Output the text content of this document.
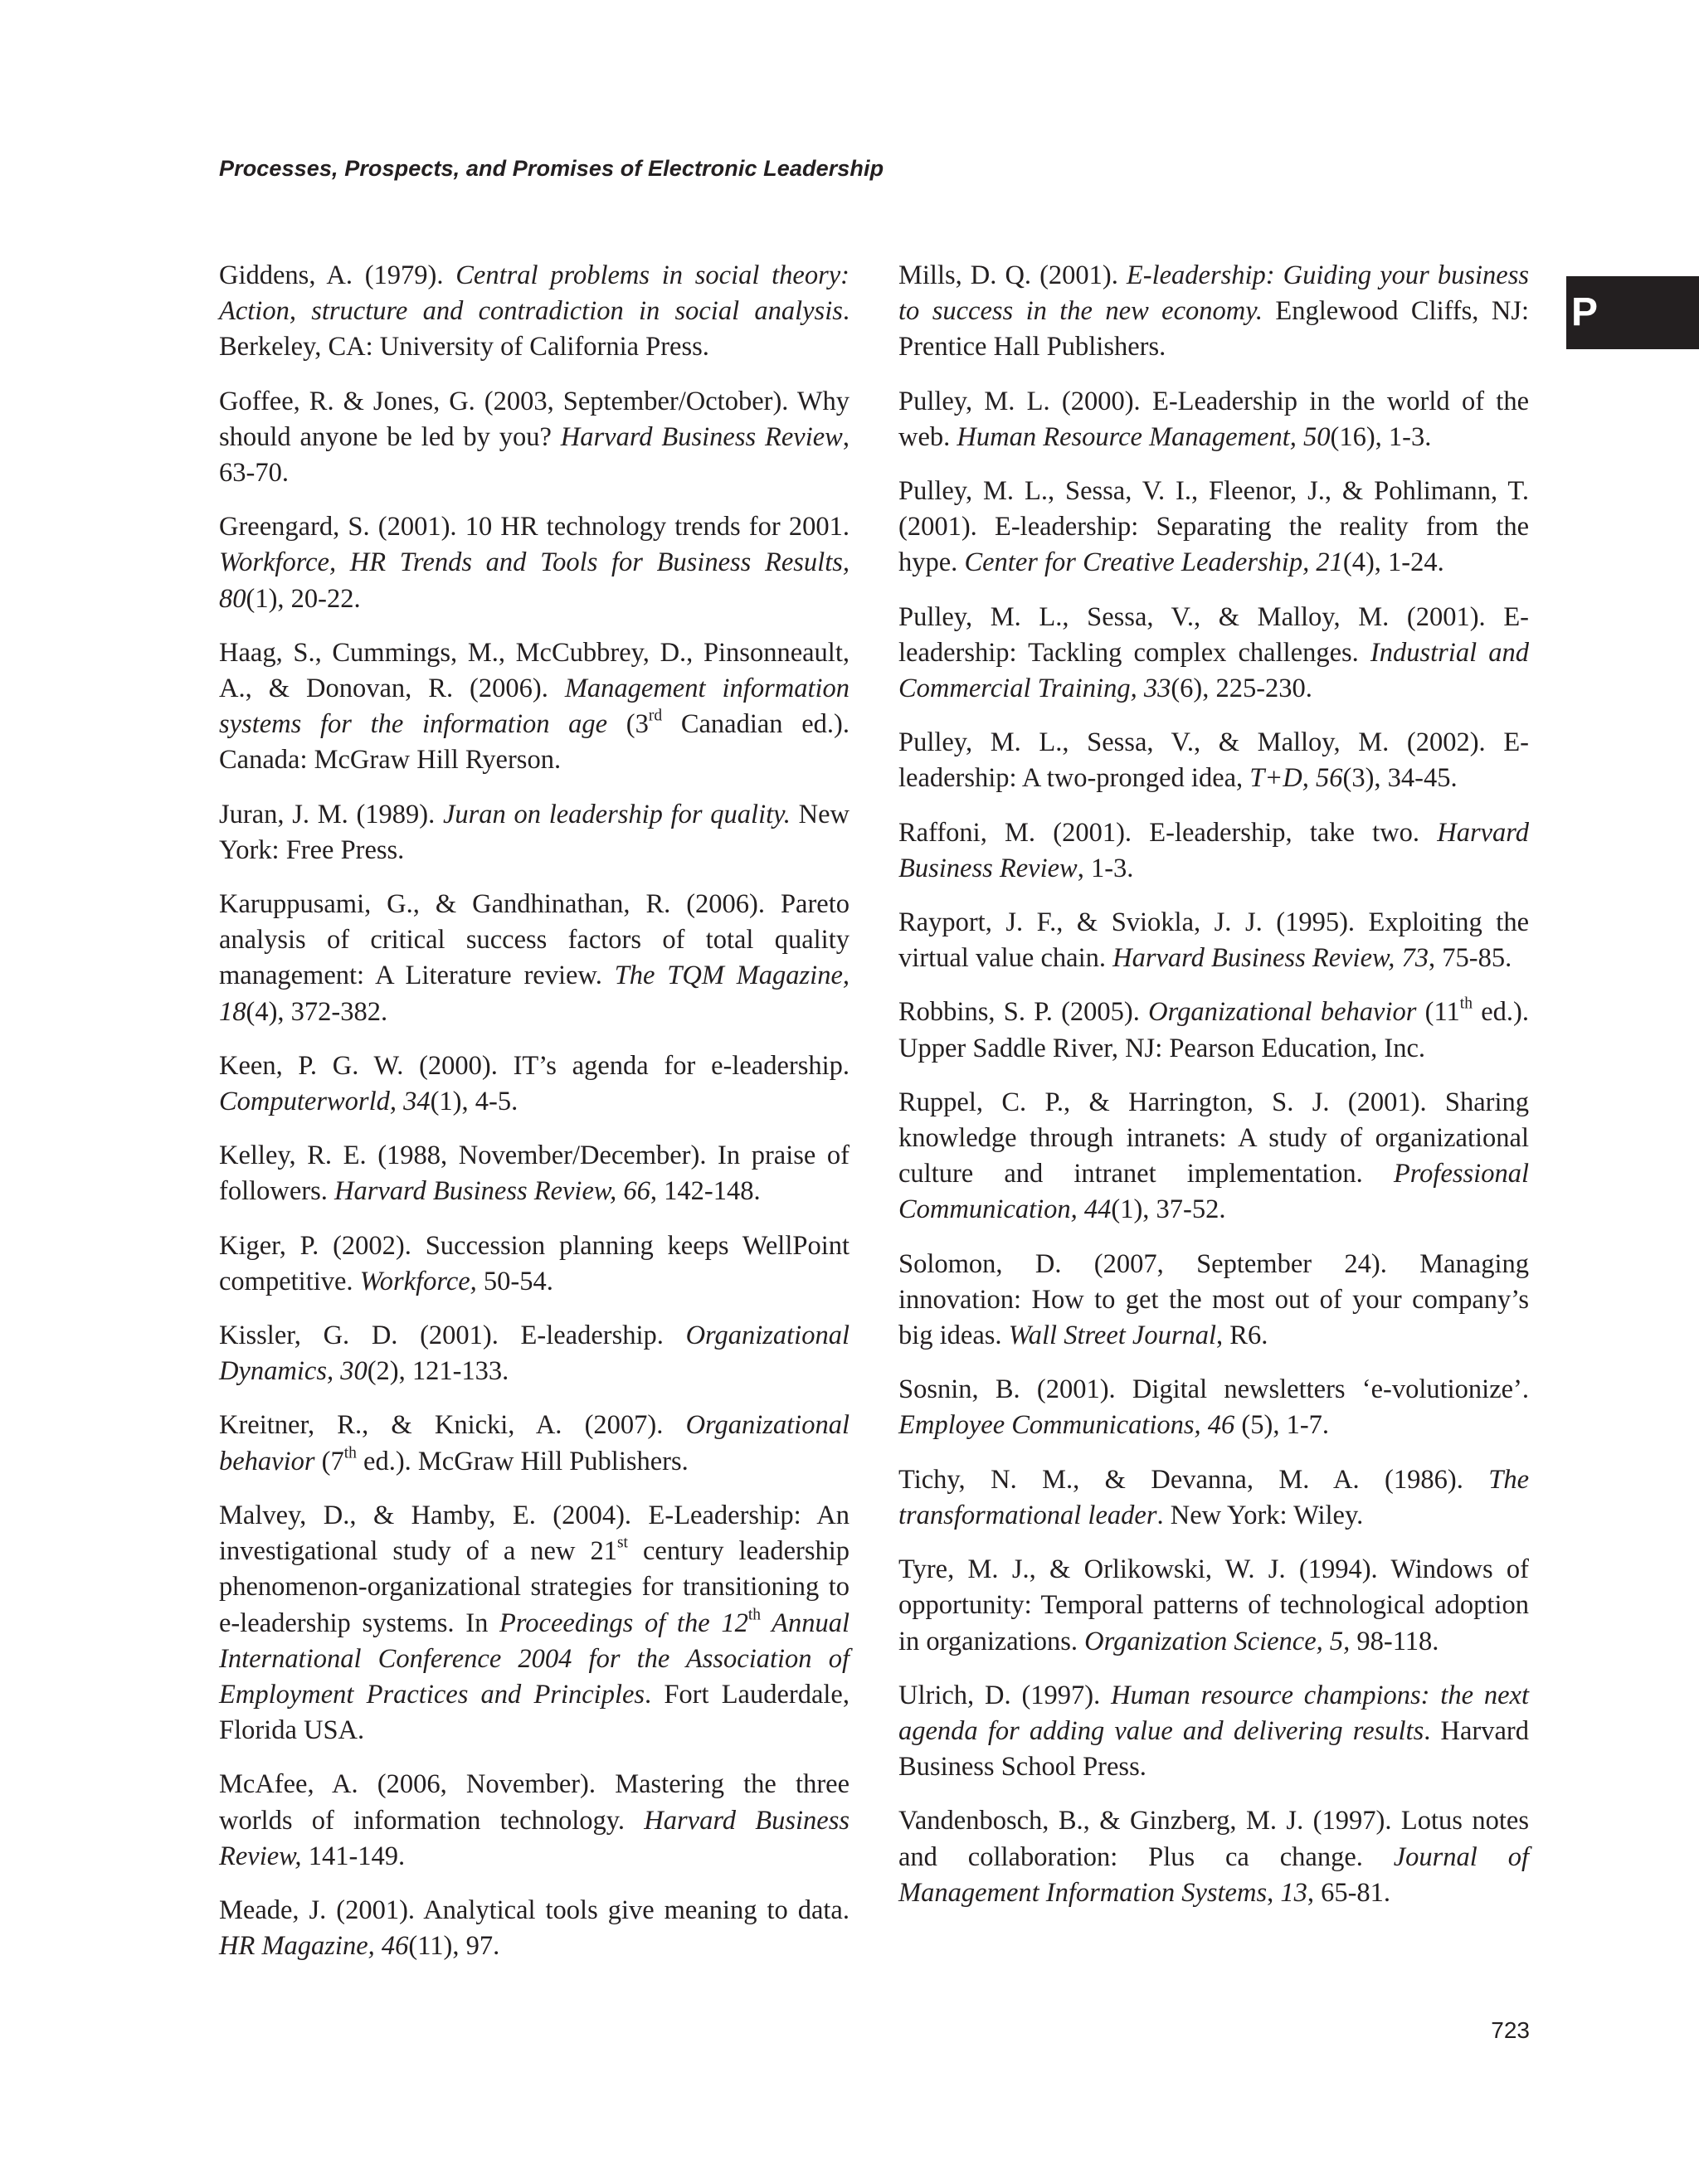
Processes, Prospects, and Promises of Electronic Leadership
P

Giddens, A. (1979). Central problems in social theory: Action, structure and contradiction in social analysis. Berkeley, CA: University of California Press.

Goffee, R. & Jones, G. (2003, September/October). Why should anyone be led by you? Harvard Business Review, 63-70.

Greengard, S. (2001). 10 HR technology trends for 2001. Workforce, HR Trends and Tools for Business Results, 80(1), 20-22.

Haag, S., Cummings, M., McCubbrey, D., Pinsonneault, A., & Donovan, R. (2006). Management information systems for the information age (3rd Canadian ed.). Canada: McGraw Hill Ryerson.

Juran, J. M. (1989). Juran on leadership for quality. New York: Free Press.

Karuppusami, G., & Gandhinathan, R. (2006). Pareto analysis of critical success factors of total quality management: A Literature review. The TQM Magazine, 18(4), 372-382.

Keen, P. G. W. (2000). IT’s agenda for e-leadership. Computerworld, 34(1), 4-5.

Kelley, R. E. (1988, November/December). In praise of followers. Harvard Business Review, 66, 142-148.

Kiger, P. (2002). Succession planning keeps WellPoint competitive. Workforce, 50-54.

Kissler, G. D. (2001). E-leadership. Organizational Dynamics, 30(2), 121-133.

Kreitner, R., & Knicki, A. (2007). Organizational behavior (7th ed.). McGraw Hill Publishers.

Malvey, D., & Hamby, E. (2004). E-Leadership: An investigational study of a new 21st century leadership phenomenon-organizational strategies for transitioning to e-leadership systems. In Proceedings of the 12th Annual International Conference 2004 for the Association of Employment Practices and Principles. Fort Lauderdale, Florida USA.

McAfee, A. (2006, November). Mastering the three worlds of information technology. Harvard Business Review, 141-149.

Meade, J. (2001). Analytical tools give meaning to data. HR Magazine, 46(11), 97.

Mills, D. Q. (2001). E-leadership: Guiding your business to success in the new economy. Englewood Cliffs, NJ: Prentice Hall Publishers.

Pulley, M. L. (2000). E-Leadership in the world of the web. Human Resource Management, 50(16), 1-3.

Pulley, M. L., Sessa, V. I., Fleenor, J., & Pohlimann, T. (2001). E-leadership: Separating the reality from the hype. Center for Creative Leadership, 21(4), 1-24.

Pulley, M. L., Sessa, V., & Malloy, M. (2001). E-leadership: Tackling complex challenges. Industrial and Commercial Training, 33(6), 225-230.

Pulley, M. L., Sessa, V., & Malloy, M. (2002). E-leadership: A two-pronged idea, T+D, 56(3), 34-45.

Raffoni, M. (2001). E-leadership, take two. Harvard Business Review, 1-3.

Rayport, J. F., & Sviokla, J. J. (1995). Exploiting the virtual value chain. Harvard Business Review, 73, 75-85.

Robbins, S. P. (2005). Organizational behavior (11th ed.). Upper Saddle River, NJ: Pearson Education, Inc.

Ruppel, C. P., & Harrington, S. J. (2001). Sharing knowledge through intranets: A study of organizational culture and intranet implementation. Professional Communication, 44(1), 37-52.

Solomon, D. (2007, September 24). Managing innovation: How to get the most out of your company’s big ideas. Wall Street Journal, R6.

Sosnin, B. (2001). Digital newsletters ‘e-volutionize’. Employee Communications, 46 (5), 1-7.

Tichy, N. M., & Devanna, M. A. (1986). The transformational leader. New York: Wiley.

Tyre, M. J., & Orlikowski, W. J. (1994). Windows of opportunity: Temporal patterns of technological adoption in organizations. Organization Science, 5, 98-118.

Ulrich, D. (1997). Human resource champions: the next agenda for adding value and delivering results. Harvard Business School Press.

Vandenbosch, B., & Ginzberg, M. J. (1997). Lotus notes and collaboration: Plus ca change. Journal of Management Information Systems, 13, 65-81.

723
